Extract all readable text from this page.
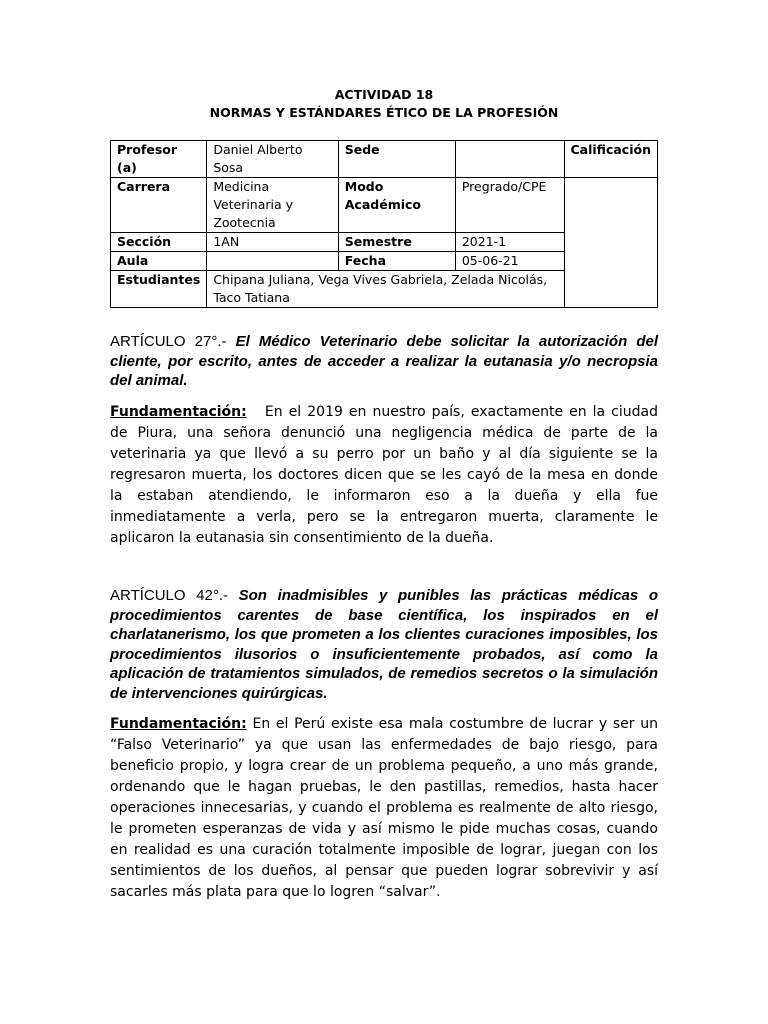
ACTIVIDAD 18
NORMAS Y ESTÁNDARES ÉTICO DE LA PROFESIÓN
Profesor (a)	Daniel Alberto Sosa	Sede		Calificación
Carrera	Medicina Veterinaria y Zootecnia	Modo Académico	Pregrado/CPE	
Sección	1AN	Semestre	2021-1	
Aula		Fecha	05-06-21	
Estudiantes	Chipana Juliana, Vega Vives Gabriela, Zelada Nicolás, Taco Tatiana			
ARTÍCULO 27°.- El Médico Veterinario debe solicitar la autorización del cliente, por escrito, antes de acceder a realizar la eutanasia y/o necropsia del animal.
Fundamentación: En el 2019 en nuestro país, exactamente en la ciudad de Piura, una señora denunció una negligencia médica de parte de la veterinaria ya que llevó a su perro por un baño y al día siguiente se la regresaron muerta, los doctores dicen que se les cayó de la mesa en donde la estaban atendiendo, le informaron eso a la dueña y ella fue inmediatamente a verla, pero se la entregaron muerta, claramente le aplicaron la eutanasia sin consentimiento de la dueña.
ARTÍCULO 42°.- Son inadmisibles y punibles las prácticas médicas o procedimientos carentes de base científica, los inspirados en el charlatanerismo, los que prometen a los clientes curaciones imposibles, los procedimientos ilusorios o insuficientemente probados, así como la aplicación de tratamientos simulados, de remedios secretos o la simulación de intervenciones quirúrgicas.
Fundamentación: En el Perú existe esa mala costumbre de lucrar y ser un “Falso Veterinario” ya que usan las enfermedades de bajo riesgo, para beneficio propio, y logra crear de un problema pequeño, a uno más grande, ordenando que le hagan pruebas, le den pastillas, remedios, hasta hacer operaciones innecesarias, y cuando el problema es realmente de alto riesgo, le prometen esperanzas de vida y así mismo le pide muchas cosas, cuando en realidad es una curación totalmente imposible de lograr, juegan con los sentimientos de los dueños, al pensar que pueden lograr sobrevivir y así sacarles más plata para que lo logren “salvar”.
